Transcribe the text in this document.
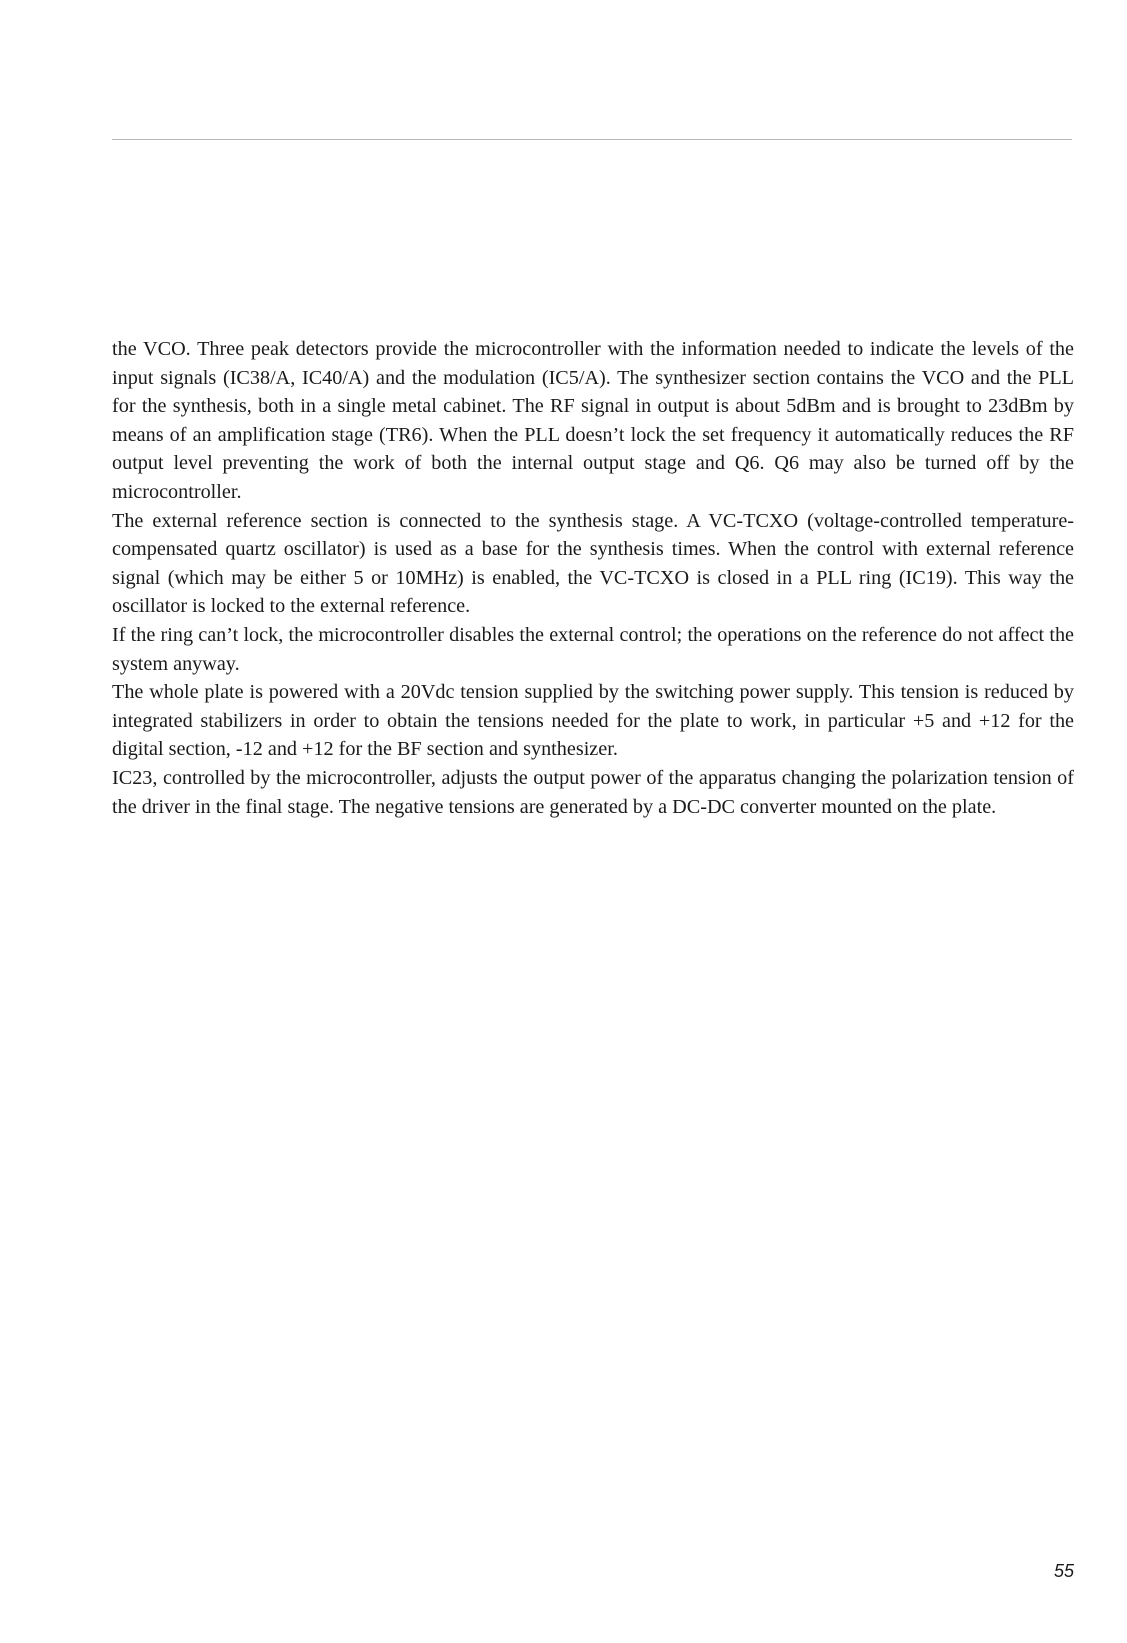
the VCO. Three peak detectors provide the microcontroller with the information needed to indicate the levels of the input signals (IC38/A, IC40/A) and the modulation (IC5/A). The synthesizer section contains the VCO and the PLL for the synthesis, both in a single metal cabinet. The RF signal in output is about 5dBm and is brought to 23dBm by means of an amplification stage (TR6). When the PLL doesn’t lock the set frequency it automatically reduces the RF output level preventing the work of both the internal output stage and Q6. Q6 may also be turned off by the microcontroller.

The external reference section is connected to the synthesis stage. A VC-TCXO (voltage-controlled temperature-compensated quartz oscillator) is used as a base for the synthesis times. When the control with external reference signal (which may be either 5 or 10MHz) is enabled, the VC-TCXO is closed in a PLL ring (IC19). This way the oscillator is locked to the external reference.

If the ring can’t lock, the microcontroller disables the external control; the operations on the reference do not affect the system anyway.

The whole plate is powered with a 20Vdc tension supplied by the switching power supply. This tension is reduced by integrated stabilizers in order to obtain the tensions needed for the plate to work, in particular +5 and +12 for the digital section, -12 and +12 for the BF section and synthesizer.

IC23, controlled by the microcontroller, adjusts the output power of the apparatus changing the polarization tension of the driver in the final stage. The negative tensions are generated by a DC-DC converter mounted on the plate.

55
